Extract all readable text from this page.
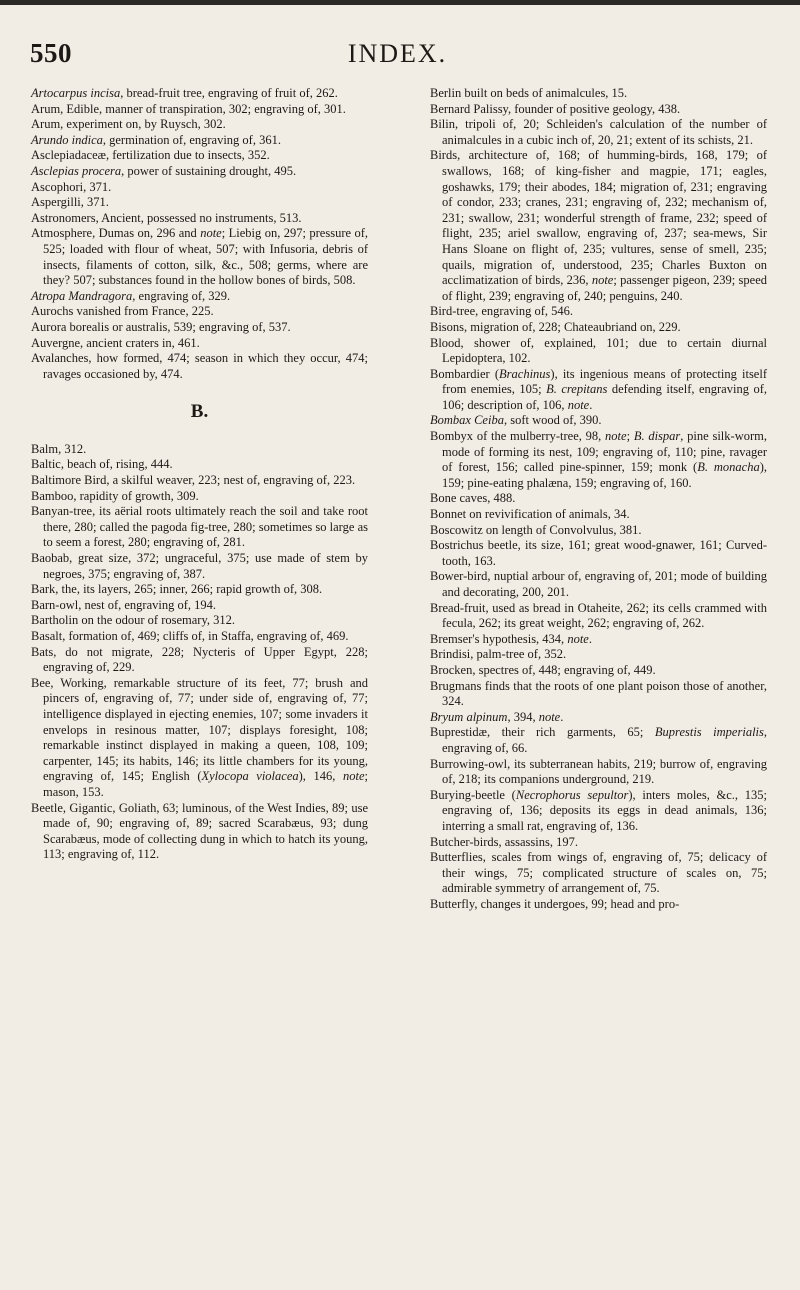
550	INDEX.

Artocarpus incisa, bread-fruit tree, engraving of fruit of, 262.

Arum, Edible, manner of transpiration, 302; engraving of, 301.

Arum, experiment on, by Ruysch, 302.

Arundo indica, germination of, engraving of, 361.

Asclepiadaceæ, fertilization due to insects, 352.

Asclepias procera, power of sustaining drought, 495.

Ascophori, 371.

Aspergilli, 371.

Astronomers, Ancient, possessed no instruments, 513.

Atmosphere, Dumas on, 296 and note; Liebig on, 297; pressure of, 525; loaded with flour of wheat, 507; with Infusoria, debris of insects, filaments of cotton, silk, &c., 508; germs, where are they? 507; substances found in the hollow bones of birds, 508.

Atropa Mandragora, engraving of, 329.

Aurochs vanished from France, 225.

Aurora borealis or australis, 539; engraving of, 537.

Auvergne, ancient craters in, 461.

Avalanches, how formed, 474; season in which they occur, 474; ravages occasioned by, 474.

B.

Balm, 312.

Baltic, beach of, rising, 444.

Baltimore Bird, a skilful weaver, 223; nest of, engraving of, 223.

Bamboo, rapidity of growth, 309.

Banyan-tree, its aërial roots ultimately reach the soil and take root there, 280; called the pagoda fig-tree, 280; sometimes so large as to seem a forest, 280; engraving of, 281.

Baobab, great size, 372; ungraceful, 375; use made of stem by negroes, 375; engraving of, 387.

Bark, the, its layers, 265; inner, 266; rapid growth of, 308.

Barn-owl, nest of, engraving of, 194.

Bartholin on the odour of rosemary, 312.

Basalt, formation of, 469; cliffs of, in Staffa, engraving of, 469.

Bats, do not migrate, 228; Nycteris of Upper Egypt, 228; engraving of, 229.

Bee, Working, remarkable structure of its feet, 77; brush and pincers of, engraving of, 77; under side of, engraving of, 77; intelligence displayed in ejecting enemies, 107; some invaders it envelops in resinous matter, 107; displays foresight, 108; remarkable instinct displayed in making a queen, 108, 109; carpenter, 145; its habits, 146; its little chambers for its young, engraving of, 145; English (Xylocopa violacea), 146, note; mason, 153.

Beetle, Gigantic, Goliath, 63; luminous, of the West Indies, 89; use made of, 90; engraving of, 89; sacred Scarabæus, 93; dung Scarabæus, mode of collecting dung in which to hatch its young, 113; engraving of, 112.

Berlin built on beds of animalcules, 15.

Bernard Palissy, founder of positive geology, 438.

Bilin, tripoli of, 20; Schleiden's calculation of the number of animalcules in a cubic inch of, 20, 21; extent of its schists, 21.

Birds, architecture of, 168; of humming-birds, 168, 179; of swallows, 168; of king-fisher and magpie, 171; eagles, goshawks, 179; their abodes, 184; migration of, 231; engraving of condor, 233; cranes, 231; engraving of, 232; mechanism of, 231; swallow, 231; wonderful strength of frame, 232; speed of flight, 235; ariel swallow, engraving of, 237; sea-mews, Sir Hans Sloane on flight of, 235; vultures, sense of smell, 235; quails, migration of, understood, 235; Charles Buxton on acclimatization of birds, 236, note; passenger pigeon, 239; speed of flight, 239; engraving of, 240; penguins, 240.

Bird-tree, engraving of, 546.

Bisons, migration of, 228; Chateaubriand on, 229.

Blood, shower of, explained, 101; due to certain diurnal Lepidoptera, 102.

Bombardier (Brachinus), its ingenious means of protecting itself from enemies, 105; B. crepitans defending itself, engraving of, 106; description of, 106, note.

Bombax Ceiba, soft wood of, 390.

Bombyx of the mulberry-tree, 98, note; B. dispar, pine silk-worm, mode of forming its nest, 109; engraving of, 110; pine, ravager of forest, 156; called pine-spinner, 159; monk (B. monacha), 159; pine-eating phalæna, 159; engraving of, 160.

Bone caves, 488.

Bonnet on revivification of animals, 34.

Boscowitz on length of Convolvulus, 381.

Bostrichus beetle, its size, 161; great wood-gnawer, 161; Curved-tooth, 163.

Bower-bird, nuptial arbour of, engraving of, 201; mode of building and decorating, 200, 201.

Bread-fruit, used as bread in Otaheite, 262; its cells crammed with fecula, 262; its great weight, 262; engraving of, 262.

Bremser's hypothesis, 434, note.

Brindisi, palm-tree of, 352.

Brocken, spectres of, 448; engraving of, 449.

Brugmans finds that the roots of one plant poison those of another, 324.

Bryum alpinum, 394, note.

Buprestidæ, their rich garments, 65; Buprestis imperialis, engraving of, 66.

Burrowing-owl, its subterranean habits, 219; burrow of, engraving of, 218; its companions underground, 219.

Burying-beetle (Necrophorus sepultor), inters moles, &c., 135; engraving of, 136; deposits its eggs in dead animals, 136; interring a small rat, engraving of, 136.

Butcher-birds, assassins, 197.

Butterflies, scales from wings of, engraving of, 75; delicacy of their wings, 75; complicated structure of scales on, 75; admirable symmetry of arrangement of, 75.

Butterfly, changes it undergoes, 99; head and pro-
